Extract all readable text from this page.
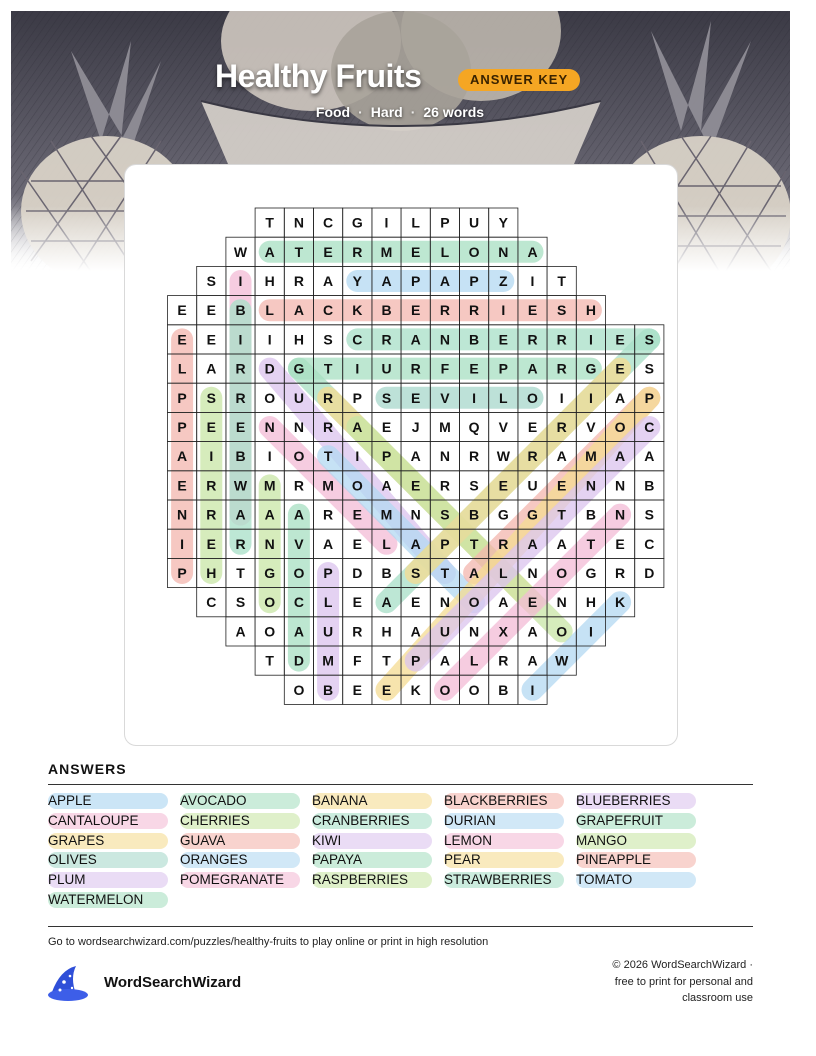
Healthy Fruits	ANSWER KEY
Food · Hard · 26 words
T N C G I L P U Y
W A T E R M E L O N A
S I H R A Y A P A P Z I T
E E B L A C K B E R R I E S H
E E I I H S C R A N B E R R I E S
L A R D G T I U R F E P A R G E S
P S R O U R P S E V I L O I I A P
P E E N N R A E J M Q V E R V O C
A I B I O T I P A N R W R A M A A
E R W M R M O A E R S E U E N N B
N R A A A R E M N S B G G T B N S
I E R N V A E L A P T R A A T E C
P H T G O P D B S T A L N O G R D
C S O C L E A E N O A E N H K
A O A U R H A U N X A O I
T D M F T P A L R A W
O B E E K O O B I
ANSWERS
APPLE	AVOCADO	BANANA	BLACKBERRIES	BLUEBERRIES
CANTALOUPE	CHERRIES	CRANBERRIES	DURIAN	GRAPEFRUIT
GRAPES	GUAVA	KIWI	LEMON	MANGO
OLIVES	ORANGES	PAPAYA	PEAR	PINEAPPLE
PLUM	POMEGRANATE	RASPBERRIES	STRAWBERRIES	TOMATO
WATERMELON
Go to wordsearchwizard.com/puzzles/healthy-fruits to play online or print in high resolution
WordSearchWizard
© 2026 WordSearchWizard ·
free to print for personal and
classroom use
